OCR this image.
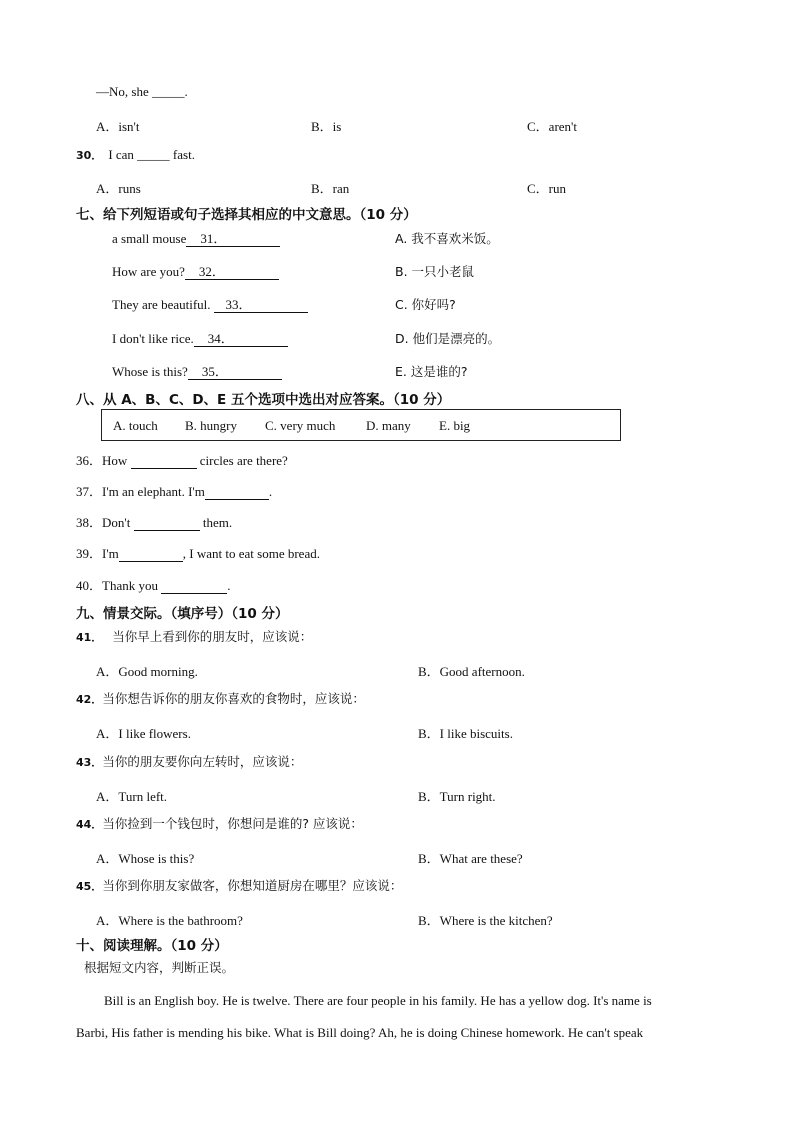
—No, she _____.
A．isn't	B．is	C．aren't
30． I can _____ fast.
A．runs	B．ran	C．run
七、给下列短语或句子选择其相应的中文意思。（10 分）
a small mouse 31．	A. 我不喜欢米饭。
How are you? 32．	B. 一只小老鼠
They are beautiful. 33．	C. 你好吗?
I don't like rice. 34．	D. 他们是漂亮的。
Whose is this? 35．	E. 这是谁的?
八、从 A、B、C、D、E 五个选项中选出对应答案。（10 分）
A. touch B. hungry C. very much D. many E. big
36．How	circles are there?
37．I'm an elephant. I'm	.
38．Don't	them.
39．I'm	, I want to eat some bread.
40．Thank you	.
九、情景交际。（填序号）（10 分）
41． 当你早上看到你的朋友时，应该说：
A．Good morning.	B．Good afternoon.
42．当你想告诉你的朋友你喜欢的食物时，应该说：
A．I like flowers.	B．I like biscuits.
43．当你的朋友要你向左转时，应该说：
A．Turn left.	B．Turn right.
44．当你捡到一个钱包时，你想问是谁的? 应该说：
A．Whose is this?	B．What are these?
45．当你到你朋友家做客，你想知道厨房在哪里？应该说：
A．Where is the bathroom?	B．Where is the kitchen?
十、阅读理解。（10 分）
根据短文内容，判断正误。
Bill is an English boy. He is twelve. There are four people in his family. He has a yellow dog. It's name is
Barbi, His father is mending his bike. What is Bill doing? Ah, he is doing Chinese homework. He can't speak
